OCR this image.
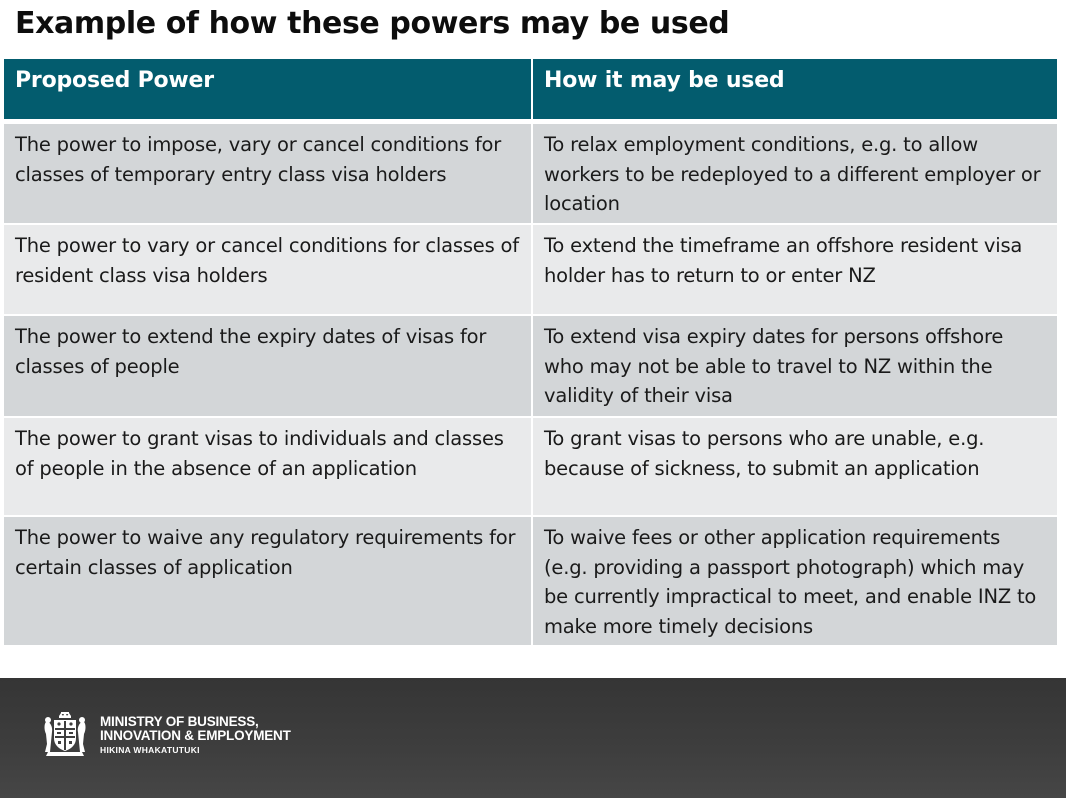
Example of how these powers may be used
Proposed Power	How it may be used
The power to impose, vary or cancel conditions for classes of temporary entry class visa holders	To relax employment conditions, e.g. to allow workers to be redeployed to a different employer or location
The power to vary or cancel conditions for classes of resident class visa holders	To extend the timeframe an offshore resident visa holder has to return to or enter NZ
The power to extend the expiry dates of visas for classes of people	To extend visa expiry dates for persons offshore who may not be able to travel to NZ within the validity of their visa
The power to grant visas to individuals and classes of people in the absence of an application	To grant visas to persons who are unable, e.g. because of sickness, to submit an application
The power to waive any regulatory requirements for certain classes of application	To waive fees or other application requirements (e.g. providing a passport photograph) which may be currently impractical to meet, and enable INZ to make more timely decisions
MINISTRY OF BUSINESS,
INNOVATION & EMPLOYMENT
HIKINA WHAKATUTUKI
